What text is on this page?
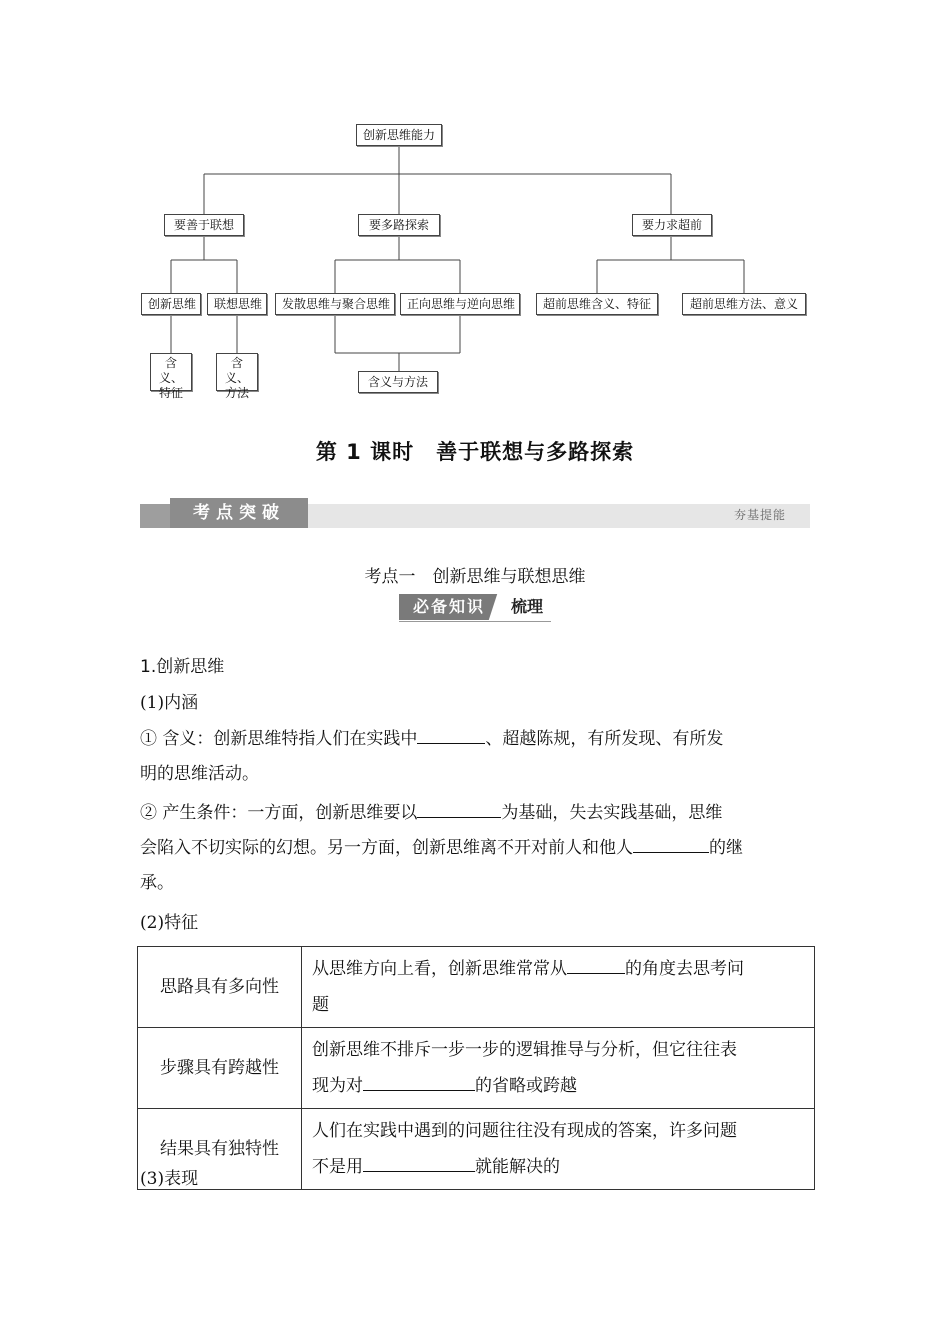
创新思维能力
要善于联想	要多路探索	要力求超前
创新思维	联想思维	发散思维与聚合思维	正向思维与逆向思维	超前思维含义、特征	超前思维方法、意义
含义、特征
含义、方法
含义与方法
第 1 课时　善于联想与多路探索
考点突破	夯基提能
考点一　创新思维与联想思维
必备知识	梳理
1.创新思维
(1)内涵
① 含义：创新思维特指人们在实践中	、超越陈规，有所发现、有所发
明的思维活动。
② 产生条件：一方面，创新思维要以	为基础，失去实践基础，思维
会陷入不切实际的幻想。另一方面，创新思维离不开对前人和他人	的继
承。
(2)特征
思路具有多向性	从思维方向上看，创新思维常常从 的角度去思考问
题
步骤具有跨越性	创新思维不排斥一步一步的逻辑推导与分析，但它往往表
现为对 的省略或跨越
结果具有独特性	人们在实践中遇到的问题往往没有现成的答案，许多问题
不是用 就能解决的
(3)表现
